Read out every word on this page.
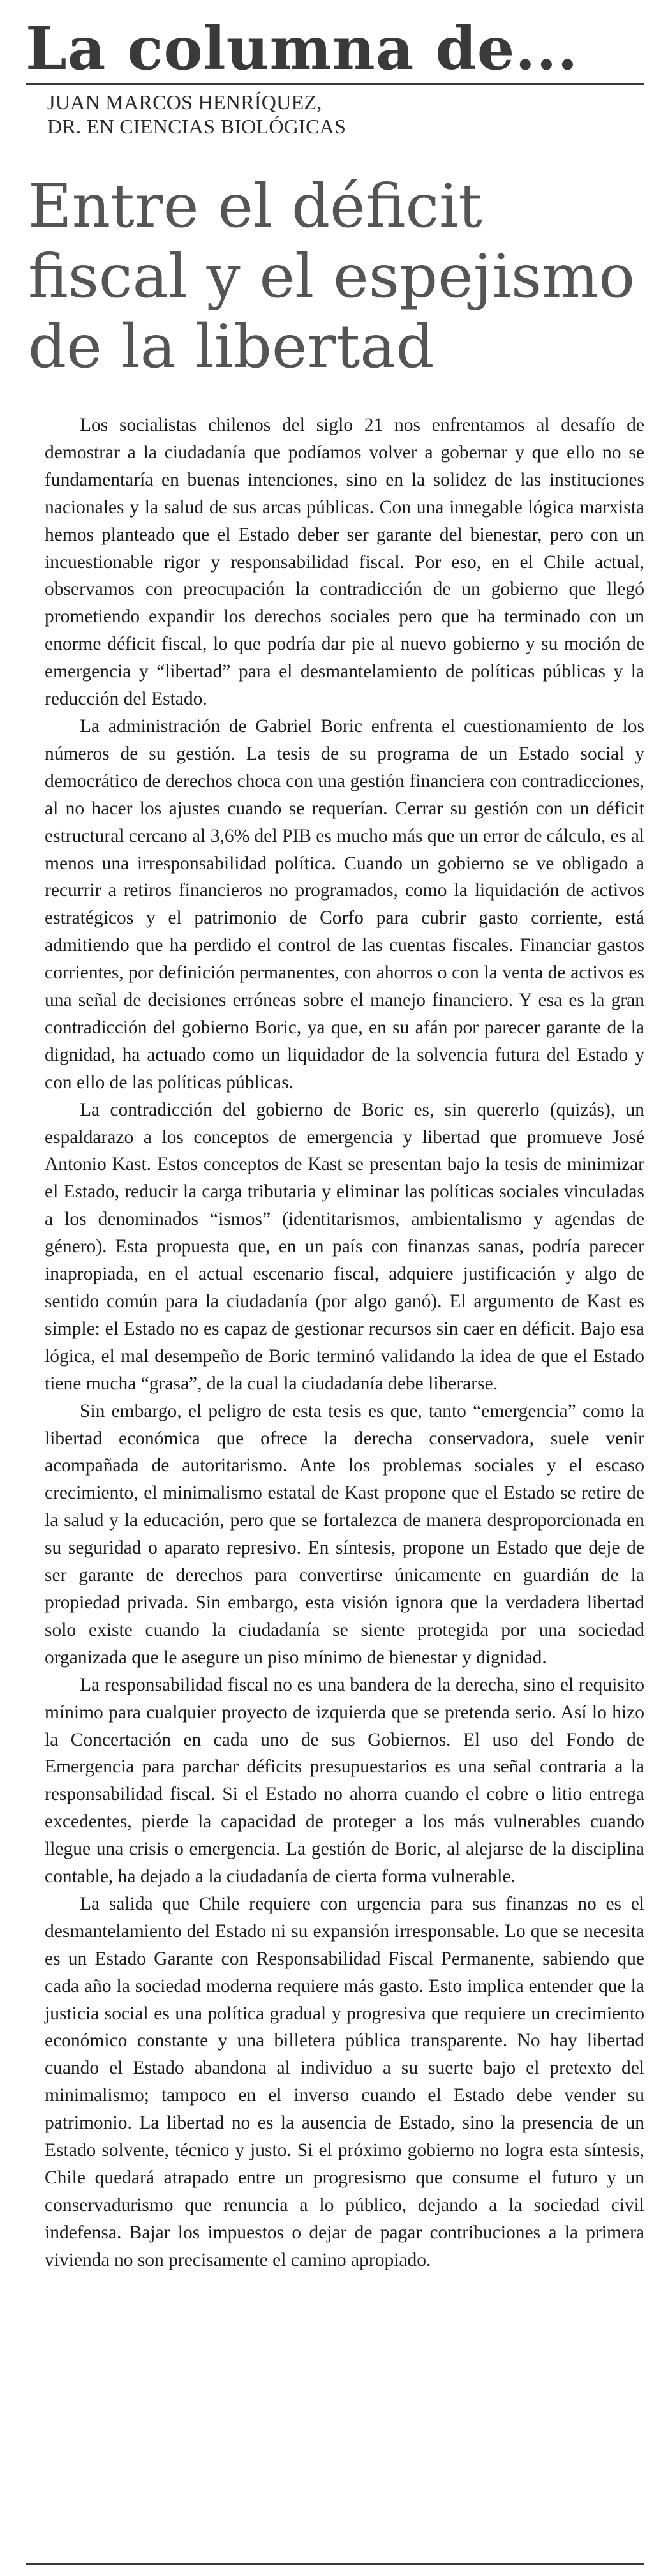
La columna de...
JUAN MARCOS HENRÍQUEZ,
DR. EN CIENCIAS BIOLÓGICAS
Entre el déficit fiscal y el espejismo de la libertad

Los socialistas chilenos del siglo 21 nos enfrentamos al desafío de demostrar a la ciudadanía que podíamos volver a gobernar y que ello no se fundamentaría en buenas intenciones, sino en la solidez de las instituciones nacionales y la salud de sus arcas públicas. Con una innegable lógica marxista hemos planteado que el Estado deber ser garante del bienestar, pero con un incuestionable rigor y responsabilidad fiscal. Por eso, en el Chile actual, observamos con preocupación la contradicción de un gobierno que llegó prometiendo expandir los derechos sociales pero que ha terminado con un enorme déficit fiscal, lo que podría dar pie al nuevo gobierno y su moción de emergencia y “libertad” para el desmantelamiento de políticas públicas y la reducción del Estado.

La administración de Gabriel Boric enfrenta el cuestionamiento de los números de su gestión. La tesis de su programa de un Estado social y democrático de derechos choca con una gestión financiera con contradicciones, al no hacer los ajustes cuando se requerían. Cerrar su gestión con un déficit estructural cercano al 3,6% del PIB es mucho más que un error de cálculo, es al menos una irresponsabilidad política. Cuando un gobierno se ve obligado a recurrir a retiros financieros no programados, como la liquidación de activos estratégicos y el patrimonio de Corfo para cubrir gasto corriente, está admitiendo que ha perdido el control de las cuentas fiscales. Financiar gastos corrientes, por definición permanentes, con ahorros o con la venta de activos es una señal de decisiones erróneas sobre el manejo financiero. Y esa es la gran contradicción del gobierno Boric, ya que, en su afán por parecer garante de la dignidad, ha actuado como un liquidador de la solvencia futura del Estado y con ello de las políticas públicas.

La contradicción del gobierno de Boric es, sin quererlo (quizás), un espaldarazo a los conceptos de emergencia y libertad que promueve José Antonio Kast. Estos conceptos de Kast se presentan bajo la tesis de minimizar el Estado, reducir la carga tributaria y eliminar las políticas sociales vinculadas a los denominados “ismos” (identitarismos, ambientalismo y agendas de género). Esta propuesta que, en un país con finanzas sanas, podría parecer inapropiada, en el actual escenario fiscal, adquiere justificación y algo de sentido común para la ciudadanía (por algo ganó). El argumento de Kast es simple: el Estado no es capaz de gestionar recursos sin caer en déficit. Bajo esa lógica, el mal desempeño de Boric terminó validando la idea de que el Estado tiene mucha “grasa”, de la cual la ciudadanía debe liberarse.

Sin embargo, el peligro de esta tesis es que, tanto “emergencia” como la libertad económica que ofrece la derecha conservadora, suele venir acompañada de autoritarismo. Ante los problemas sociales y el escaso crecimiento, el minimalismo estatal de Kast propone que el Estado se retire de la salud y la educación, pero que se fortalezca de manera desproporcionada en su seguridad o aparato represivo. En síntesis, propone un Estado que deje de ser garante de derechos para convertirse únicamente en guardián de la propiedad privada. Sin embargo, esta visión ignora que la verdadera libertad solo existe cuando la ciudadanía se siente protegida por una sociedad organizada que le asegure un piso mínimo de bienestar y dignidad.

La responsabilidad fiscal no es una bandera de la derecha, sino el requisito mínimo para cualquier proyecto de izquierda que se pretenda serio. Así lo hizo la Concertación en cada uno de sus Gobiernos. El uso del Fondo de Emergencia para parchar déficits presupuestarios es una señal contraria a la responsabilidad fiscal. Si el Estado no ahorra cuando el cobre o litio entrega excedentes, pierde la capacidad de proteger a los más vulnerables cuando llegue una crisis o emergencia. La gestión de Boric, al alejarse de la disciplina contable, ha dejado a la ciudadanía de cierta forma vulnerable.

La salida que Chile requiere con urgencia para sus finanzas no es el desmantelamiento del Estado ni su expansión irresponsable. Lo que se necesita es un Estado Garante con Responsabilidad Fiscal Permanente, sabiendo que cada año la sociedad moderna requiere más gasto. Esto implica entender que la justicia social es una política gradual y progresiva que requiere un crecimiento económico constante y una billetera pública transparente. No hay libertad cuando el Estado abandona al individuo a su suerte bajo el pretexto del minimalismo; tampoco en el inverso cuando el Estado debe vender su patrimonio. La libertad no es la ausencia de Estado, sino la presencia de un Estado solvente, técnico y justo. Si el próximo gobierno no logra esta síntesis, Chile quedará atrapado entre un progresismo que consume el futuro y un conservadurismo que renuncia a lo público, dejando a la sociedad civil indefensa. Bajar los impuestos o dejar de pagar contribuciones a la primera vivienda no son precisamente el camino apropiado.
